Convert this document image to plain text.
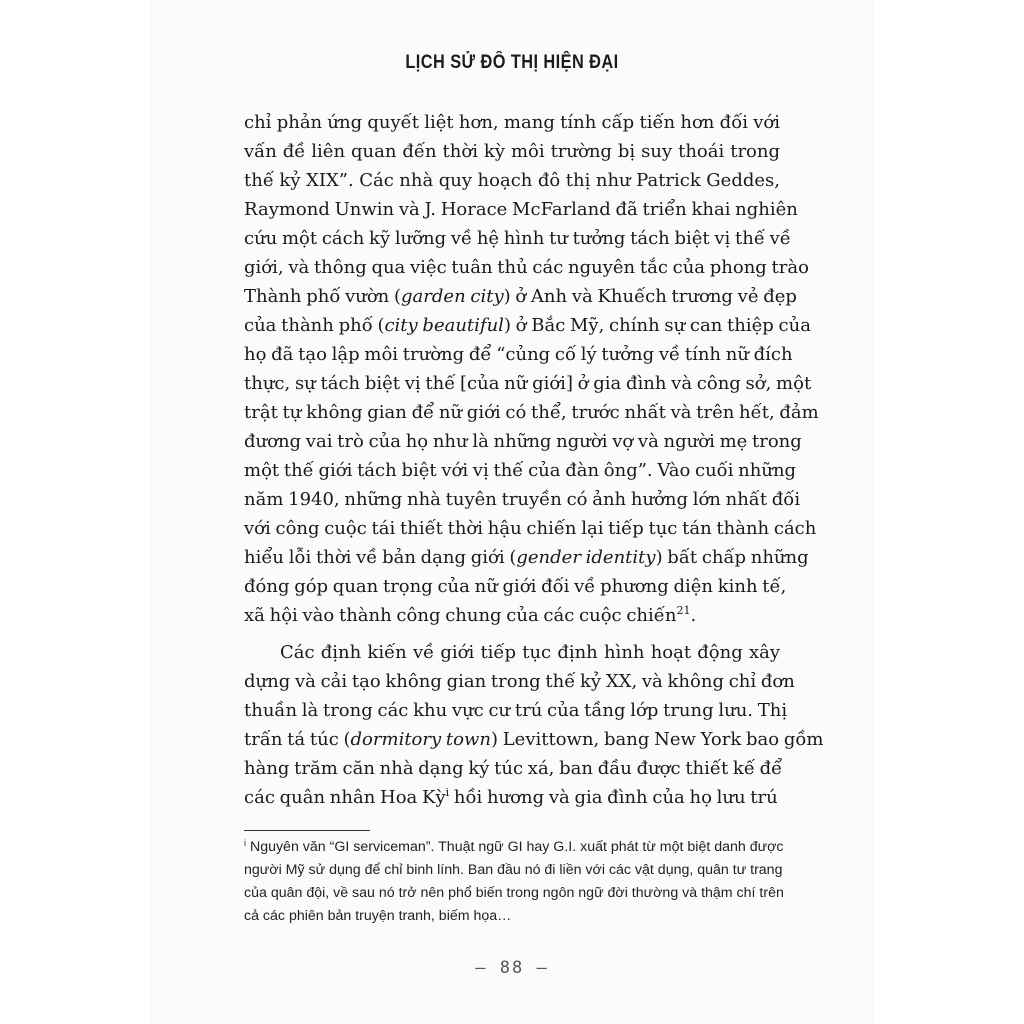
LỊCH SỬ ĐÔ THỊ HIỆN ĐẠI
chỉ phản ứng quyết liệt hơn, mang tính cấp tiến hơn đối với
vấn đề liên quan đến thời kỳ môi trường bị suy thoái trong
thế kỷ XIX”. Các nhà quy hoạch đô thị như Patrick Geddes,
Raymond Unwin và J. Horace McFarland đã triển khai nghiên
cứu một cách kỹ lưỡng về hệ hình tư tưởng tách biệt vị thế về
giới, và thông qua việc tuân thủ các nguyên tắc của phong trào
Thành phố vườn (garden city) ở Anh và Khuếch trương vẻ đẹp
của thành phố (city beautiful) ở Bắc Mỹ, chính sự can thiệp của
họ đã tạo lập môi trường để “củng cố lý tưởng về tính nữ đích
thực, sự tách biệt vị thế [của nữ giới] ở gia đình và công sở, một
trật tự không gian để nữ giới có thể, trước nhất và trên hết, đảm
đương vai trò của họ như là những người vợ và người mẹ trong
một thế giới tách biệt với vị thế của đàn ông”. Vào cuối những
năm 1940, những nhà tuyên truyền có ảnh hưởng lớn nhất đối
với công cuộc tái thiết thời hậu chiến lại tiếp tục tán thành cách
hiểu lỗi thời về bản dạng giới (gender identity) bất chấp những
đóng góp quan trọng của nữ giới đối về phương diện kinh tế,
xã hội vào thành công chung của các cuộc chiến$^{21}$.
Các định kiến về giới tiếp tục định hình hoạt động xây
dựng và cải tạo không gian trong thế kỷ XX, và không chỉ đơn
thuần là trong các khu vực cư trú của tầng lớp trung lưu. Thị
trấn tá túc (dormitory town) Levittown, bang New York bao gồm
hàng trăm căn nhà dạng ký túc xá, ban đầu được thiết kế để
các quân nhân Hoa Kỳ$^i$ hồi hương và gia đình của họ lưu trú
$^i$ Nguyên văn “GI serviceman”. Thuật ngữ GI hay G.I. xuất phát từ một biệt danh được
người Mỹ sử dụng để chỉ binh lính. Ban đầu nó đi liền với các vật dụng, quân tư trang
của quân đội, về sau nó trở nên phổ biến trong ngôn ngữ đời thường và thậm chí trên
cả các phiên bản truyện tranh, biếm họa…
– 88 –
